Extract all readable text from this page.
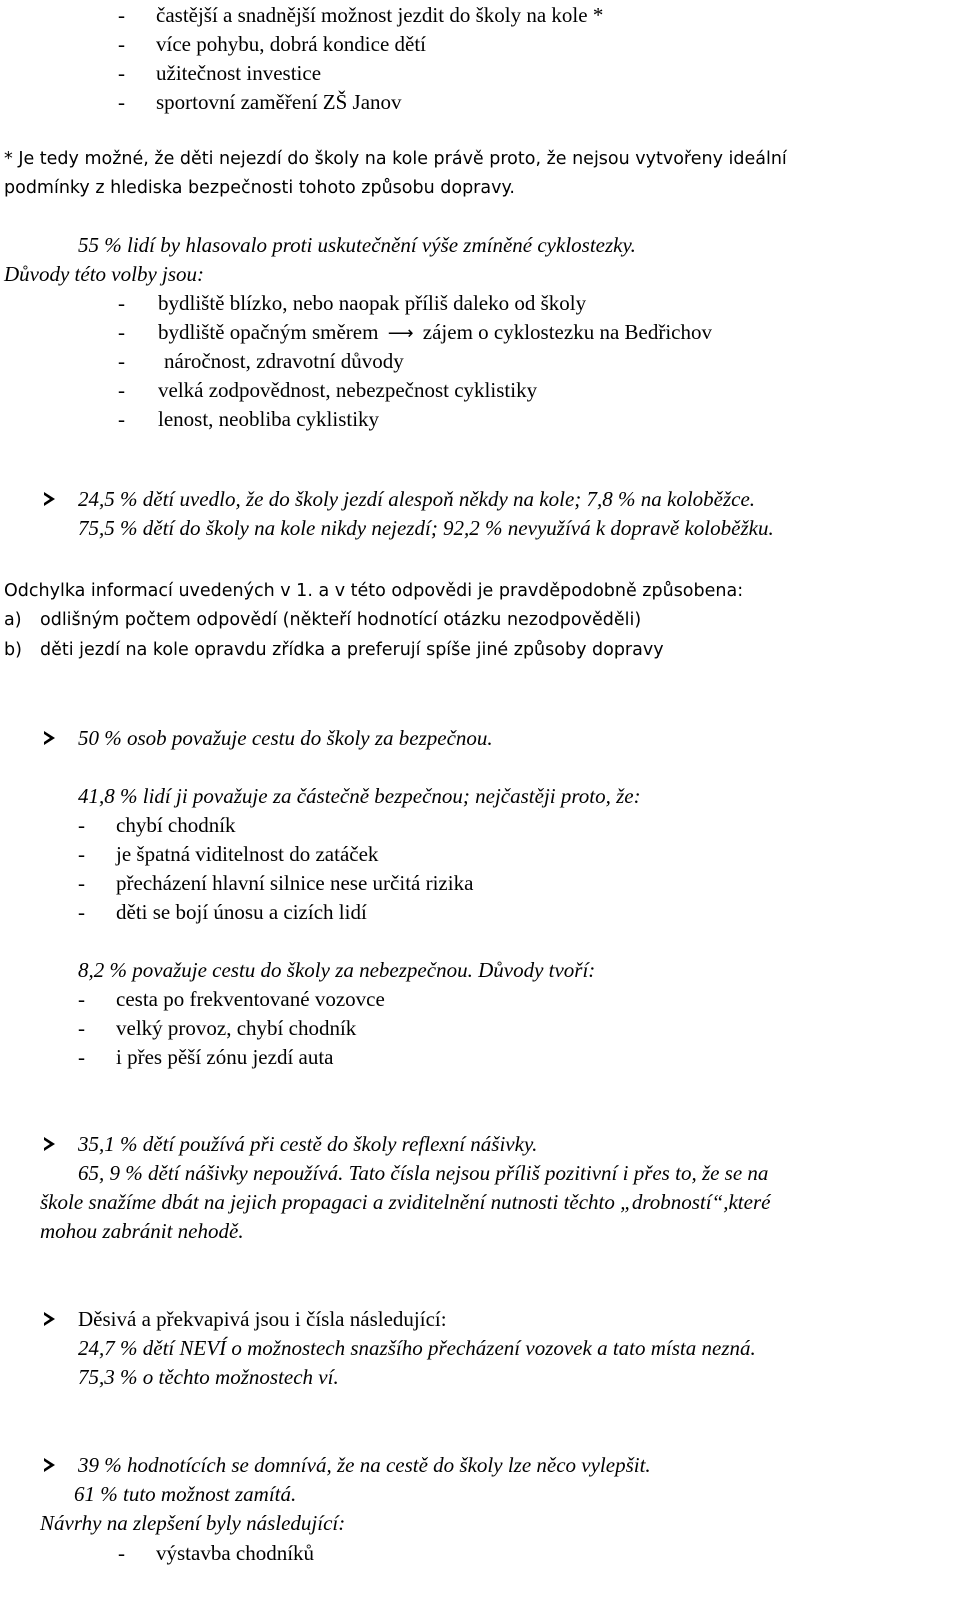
- častější a snadnější možnost jezdit do školy na kole *
- více pohybu, dobrá kondice dětí
- užitečnost investice
- sportovní zaměření ZŠ Janov
* Je tedy možné, že děti nejezdí do školy na kole právě proto, že nejsou vytvořeny ideální
podmínky z hlediska bezpečnosti tohoto způsobu dopravy.
55 % lidí by hlasovalo proti uskutečnění výše zmíněné cyklostezky.
Důvody této volby jsou:
- bydliště blízko, nebo naopak příliš daleko od školy
- bydliště opačným směrem ⟶ zájem o cyklostezku na Bedřichov
- náročnost, zdravotní důvody
- velká zodpovědnost, nebezpečnost cyklistiky
- lenost, neobliba cyklistiky
24,5 % dětí uvedlo, že do školy jezdí alespoň někdy na kole; 7,8 % na koloběžce.
75,5 % dětí do školy na kole nikdy nejezdí; 92,2 % nevyužívá k dopravě koloběžku.
Odchylka informací uvedených v 1. a v této odpovědi je pravděpodobně způsobena:
a) odlišným počtem odpovědí (někteří hodnotící otázku nezodpověděli)
b) děti jezdí na kole opravdu zřídka a preferují spíše jiné způsoby dopravy
50 % osob považuje cestu do školy za bezpečnou.
41,8 % lidí ji považuje za částečně bezpečnou; nejčastěji proto, že:
- chybí chodník
- je špatná viditelnost do zatáček
- přecházení hlavní silnice nese určitá rizika
- děti se bojí únosu a cizích lidí
8,2 % považuje cestu do školy za nebezpečnou. Důvody tvoří:
- cesta po frekventované vozovce
- velký provoz, chybí chodník
- i přes pěší zónu jezdí auta
35,1 % dětí používá při cestě do školy reflexní nášivky.
65, 9 % dětí nášivky nepoužívá. Tato čísla nejsou příliš pozitivní i přes to, že se na
škole snažíme dbát na jejich propagaci a zviditelnění nutnosti těchto „drobností“,které
mohou zabránit nehodě.
Děsivá a překvapivá jsou i čísla následující:
24,7 % dětí NEVÍ o možnostech snazšího přecházení vozovek a tato místa nezná.
75,3 % o těchto možnostech ví.
39 % hodnotících se domnívá, že na cestě do školy lze něco vylepšit.
61 % tuto možnost zamítá.
Návrhy na zlepšení byly následující:
- výstavba chodníků
